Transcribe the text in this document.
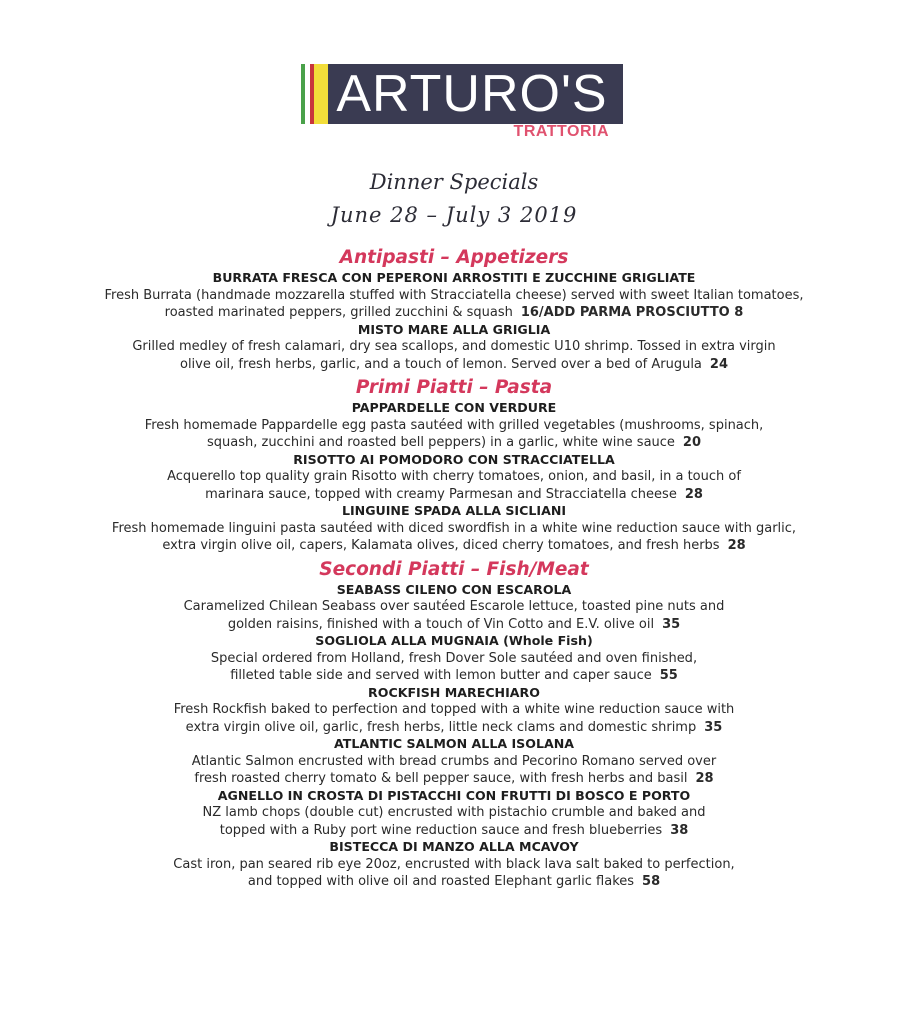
ARTURO'S
TRATTORIA
Dinner Specials
June 28 – July 3 2019
Antipasti – Appetizers
BURRATA FRESCA CON PEPERONI ARROSTITI E ZUCCHINE GRIGLIATE
Fresh Burrata (handmade mozzarella stuffed with Stracciatella cheese) served with sweet Italian tomatoes,
roasted marinated peppers, grilled zucchini & squash 16/ADD PARMA PROSCIUTTO 8
MISTO MARE ALLA GRIGLIA
Grilled medley of fresh calamari, dry sea scallops, and domestic U10 shrimp. Tossed in extra virgin
olive oil, fresh herbs, garlic, and a touch of lemon. Served over a bed of Arugula 24
Primi Piatti – Pasta
PAPPARDELLE CON VERDURE
Fresh homemade Pappardelle egg pasta sautéed with grilled vegetables (mushrooms, spinach,
squash, zucchini and roasted bell peppers) in a garlic, white wine sauce 20
RISOTTO AI POMODORO CON STRACCIATELLA
Acquerello top quality grain Risotto with cherry tomatoes, onion, and basil, in a touch of
marinara sauce, topped with creamy Parmesan and Stracciatella cheese 28
LINGUINE SPADA ALLA SICLIANI
Fresh homemade linguini pasta sautéed with diced swordfish in a white wine reduction sauce with garlic,
extra virgin olive oil, capers, Kalamata olives, diced cherry tomatoes, and fresh herbs 28
Secondi Piatti – Fish/Meat
SEABASS CILENO CON ESCAROLA
Caramelized Chilean Seabass over sautéed Escarole lettuce, toasted pine nuts and
golden raisins, finished with a touch of Vin Cotto and E.V. olive oil 35
SOGLIOLA ALLA MUGNAIA (Whole Fish)
Special ordered from Holland, fresh Dover Sole sautéed and oven finished,
filleted table side and served with lemon butter and caper sauce 55
ROCKFISH MARECHIARO
Fresh Rockfish baked to perfection and topped with a white wine reduction sauce with
extra virgin olive oil, garlic, fresh herbs, little neck clams and domestic shrimp 35
ATLANTIC SALMON ALLA ISOLANA
Atlantic Salmon encrusted with bread crumbs and Pecorino Romano served over
fresh roasted cherry tomato & bell pepper sauce, with fresh herbs and basil 28
AGNELLO IN CROSTA DI PISTACCHI CON FRUTTI DI BOSCO E PORTO
NZ lamb chops (double cut) encrusted with pistachio crumble and baked and
topped with a Ruby port wine reduction sauce and fresh blueberries 38
BISTECCA DI MANZO ALLA MCAVOY
Cast iron, pan seared rib eye 20oz, encrusted with black lava salt baked to perfection,
and topped with olive oil and roasted Elephant garlic flakes 58
